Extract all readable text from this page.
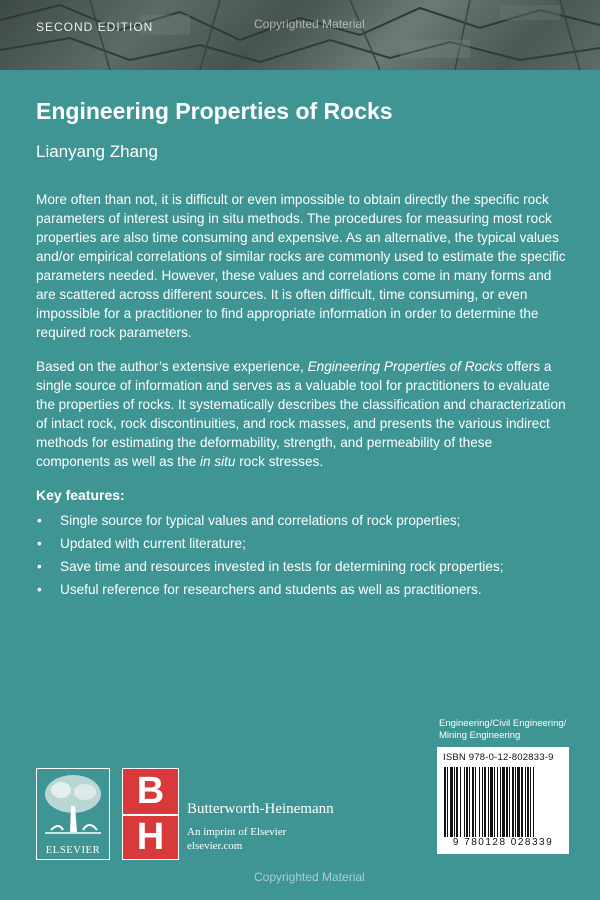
SECOND EDITION	Copyrighted Material
Engineering Properties of Rocks
Lianyang Zhang
More often than not, it is difficult or even impossible to obtain directly the specific rock parameters of interest using in situ methods. The procedures for measuring most rock properties are also time consuming and expensive. As an alternative, the typical values and/or empirical correlations of similar rocks are commonly used to estimate the specific parameters needed. However, these values and correlations come in many forms and are scattered across different sources. It is often difficult, time consuming, or even impossible for a practitioner to find appropriate information in order to determine the required rock parameters.
Based on the author’s extensive experience, Engineering Properties of Rocks offers a single source of information and serves as a valuable tool for practitioners to evaluate the properties of rocks. It systematically describes the classification and characterization of intact rock, rock discontinuities, and rock masses, and presents the various indirect methods for estimating the deformability, strength, and permeability of these components as well as the in situ rock stresses.
Key features:
• Single source for typical values and correlations of rock properties;
• Updated with current literature;
• Save time and resources invested in tests for determining rock properties;
• Useful reference for researchers and students as well as practitioners.
Engineering/Civil Engineering/
Mining Engineering
ISBN 978-0-12-802833-9
9 780128 028339
ELSEVIER
B
H
Butterworth-Heinemann
An imprint of Elsevier
elsevier.com
Copyrighted Material
